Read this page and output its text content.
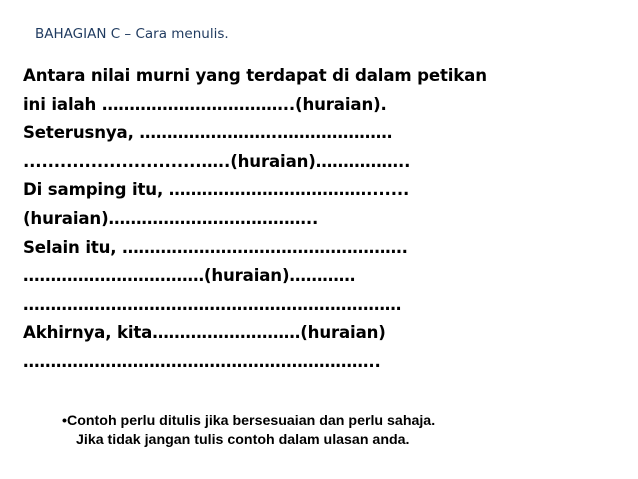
BAHAGIAN C – Cara menulis.
Antara nilai murni yang terdapat di dalam petikan
ini ialah ……………………………..(huraian).
Seterusnya, …………………….…………………
.............................…..(huraian)……………..
Di samping itu, ……………………………….......
(huraian)………………………………..
Selain itu, …………………………………………….
……………………………(huraian)…………
……………………………………………………………
Akhirnya, kita………………………(huraian)
………………………………………………………..
•Contoh perlu ditulis jika bersesuaian dan perlu sahaja.
Jika tidak jangan tulis contoh dalam ulasan anda.
